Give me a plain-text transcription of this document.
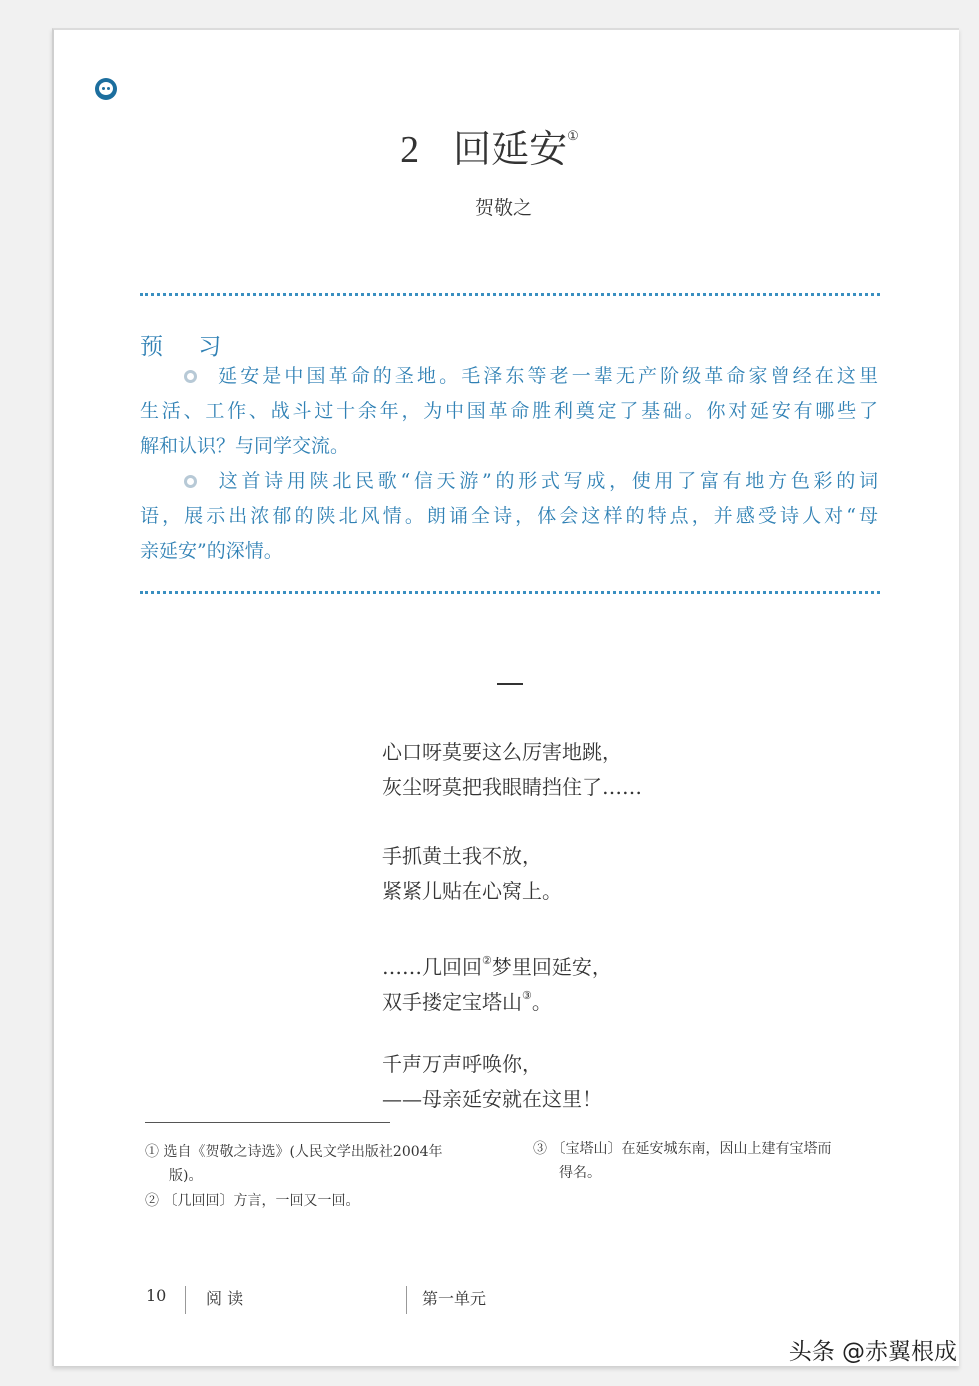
2 回延安①
贺敬之
预 习
延安是中国革命的圣地。毛泽东等老一辈无产阶级革命家曾经在这里
生活、工作、战斗过十余年，为中国革命胜利奠定了基础。你对延安有哪些了
解和认识？与同学交流。
这首诗用陕北民歌“信天游”的形式写成，使用了富有地方色彩的词
语，展示出浓郁的陕北风情。朗诵全诗，体会这样的特点，并感受诗人对“母
亲延安”的深情。
心口呀莫要这么厉害地跳，
灰尘呀莫把我眼睛挡住了……
手抓黄土我不放，
紧紧儿贴在心窝上。
……几回回②梦里回延安，
双手搂定宝塔山③。
千声万声呼唤你，
——母亲延安就在这里！
① 选自《贺敬之诗选》(人民文学出版社2004年
版)。
② 〔几回回〕方言，一回又一回。
③ 〔宝塔山〕在延安城东南，因山上建有宝塔而
得名。
10 阅 读	第一单元
头条 @赤翼根成
